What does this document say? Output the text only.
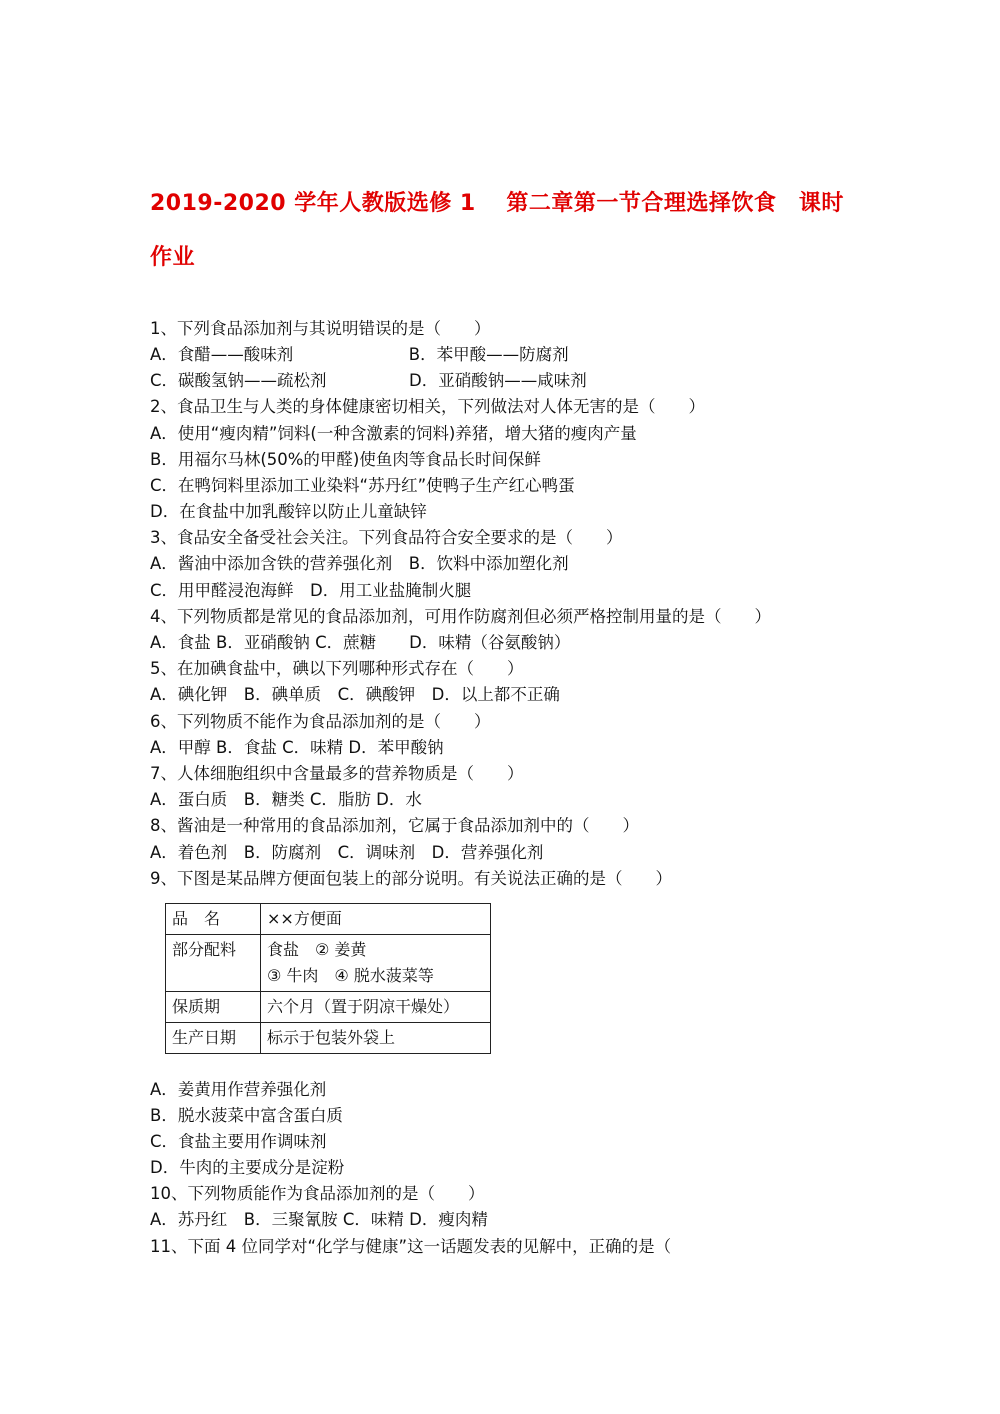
2019-2020 学年人教版选修 1　 第二章第一节合理选择饮食　课时
作业
1、下列食品添加剂与其说明错误的是（　　）
A．食醋——酸味剂　　　　　　　B．苯甲酸——防腐剂
C．碳酸氢钠——疏松剂　　　　　D．亚硝酸钠——咸味剂
2、食品卫生与人类的身体健康密切相关，下列做法对人体无害的是（　　）
A．使用“瘦肉精”饲料(一种含激素的饲料)养猪，增大猪的瘦肉产量
B．用福尔马林(50%的甲醛)使鱼肉等食品长时间保鲜
C．在鸭饲料里添加工业染料“苏丹红”使鸭子生产红心鸭蛋
D．在食盐中加乳酸锌以防止儿童缺锌
3、食品安全备受社会关注。下列食品符合安全要求的是（　　）
A．酱油中添加含铁的营养强化剂　B．饮料中添加塑化剂
C．用甲醛浸泡海鲜　D．用工业盐腌制火腿
4、下列物质都是常见的食品添加剂，可用作防腐剂但必须严格控制用量的是（　　）
A．食盐 B．亚硝酸钠 C．蔗糖　　D．味精（谷氨酸钠）
5、在加碘食盐中，碘以下列哪种形式存在（　　）
A．碘化钾　B．碘单质　C．碘酸钾　D．以上都不正确
6、下列物质不能作为食品添加剂的是（　　）
A．甲醇 B．食盐 C．味精 D．苯甲酸钠
7、人体细胞组织中含量最多的营养物质是（　　）
A．蛋白质　B．糖类 C．脂肪 D．水
8、酱油是一种常用的食品添加剂，它属于食品添加剂中的（　　）
A．着色剂　B．防腐剂　C．调味剂　D．营养强化剂
9、下图是某品牌方便面包装上的部分说明。有关说法正确的是（　　）
品　名	××方便面
部分配料	食盐　② 姜黄
③ 牛肉　④ 脱水菠菜等

保质期	六个月（置于阴凉干燥处）
生产日期	标示于包装外袋上
A．姜黄用作营养强化剂
B．脱水菠菜中富含蛋白质
C．食盐主要用作调味剂
D．牛肉的主要成分是淀粉
10、下列物质能作为食品添加剂的是（　　）
A．苏丹红　B．三聚氰胺 C．味精 D．瘦肉精
11、下面 4 位同学对“化学与健康”这一话题发表的见解中，正确的是（
